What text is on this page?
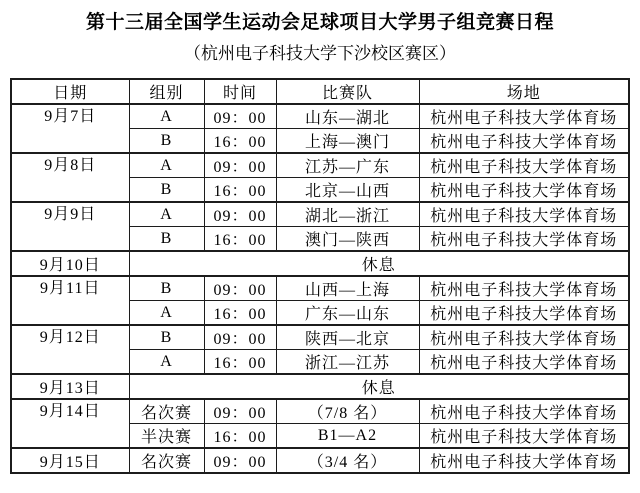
第十三届全国学生运动会足球项目大学男子组竞赛日程
（杭州电子科技大学下沙校区赛区）
日期	组别	时间	比赛队	场地
9月7日	A	09：00	山东—湖北	杭州电子科技大学体育场
	B	16：00	上海—澳门	杭州电子科技大学体育场
9月8日	A	09：00	江苏—广东	杭州电子科技大学体育场
	B	16：00	北京—山西	杭州电子科技大学体育场
9月9日	A	09：00	湖北—浙江	杭州电子科技大学体育场
	B	16：00	澳门—陕西	杭州电子科技大学体育场
9月10日	休息			
9月11日	B	09：00	山西—上海	杭州电子科技大学体育场
	A	16：00	广东—山东	杭州电子科技大学体育场
9月12日	B	09：00	陕西—北京	杭州电子科技大学体育场
	A	16：00	浙江—江苏	杭州电子科技大学体育场
9月13日	休息			
9月14日	名次赛	09：00	（7/8 名）	杭州电子科技大学体育场
	半决赛	16：00	B1—A2	杭州电子科技大学体育场
9月15日	名次赛	09：00	（3/4 名）	杭州电子科技大学体育场
